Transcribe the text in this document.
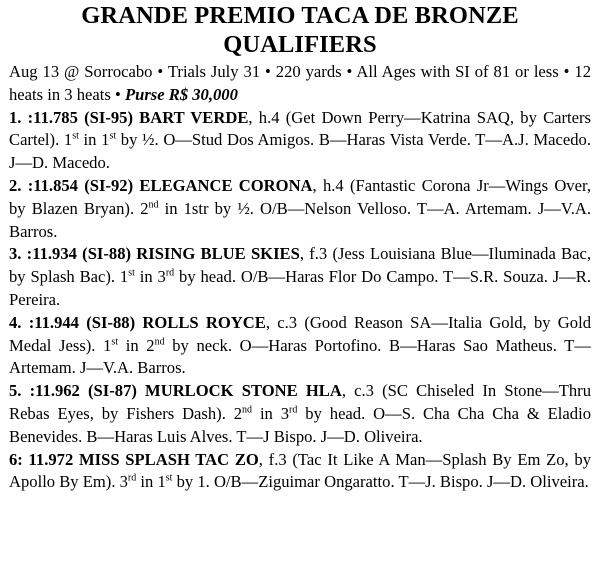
GRANDE PREMIO TACA DE BRONZE
QUALIFIERS

Aug 13 @ Sorrocabo • Trials July 31 • 220 yards • All Ages with SI of 81 or less • 12 heats in 3 heats • Purse R$ 30,000

1. :11.785 (SI-95) BART VERDE, h.4 (Get Down Perry—Katrina SAQ, by Carters Cartel). 1st in 1st by ½. O—Stud Dos Amigos. B—Haras Vista Verde. T—A.J. Macedo. J—D. Macedo.

2. :11.854 (SI-92) ELEGANCE CORONA, h.4 (Fantastic Corona Jr—Wings Over, by Blazen Bryan). 2nd in 1str by ½. O/B—Nelson Velloso. T—A. Artemam. J—V.A. Barros.

3. :11.934 (SI-88) RISING BLUE SKIES, f.3 (Jess Louisiana Blue—Iluminada Bac, by Splash Bac). 1st in 3rd by head. O/B—Haras Flor Do Campo. T—S.R. Souza. J—R. Pereira.

4. :11.944 (SI-88) ROLLS ROYCE, c.3 (Good Reason SA—Italia Gold, by Gold Medal Jess). 1st in 2nd by neck. O—Haras Portofino. B—Haras Sao Matheus. T—Artemam. J—V.A. Barros.

5. :11.962 (SI-87) MURLOCK STONE HLA, c.3 (SC Chiseled In Stone—Thru Rebas Eyes, by Fishers Dash). 2nd in 3rd by head. O—S. Cha Cha Cha & Eladio Benevides. B—Haras Luis Alves. T—J Bispo. J—D. Oliveira.

6: 11.972 MISS SPLASH TAC ZO, f.3 (Tac It Like A Man—Splash By Em Zo, by Apollo By Em). 3rd in 1st by 1. O/B—Ziguimar Ongaratto. T—J. Bispo. J—D. Oliveira.
